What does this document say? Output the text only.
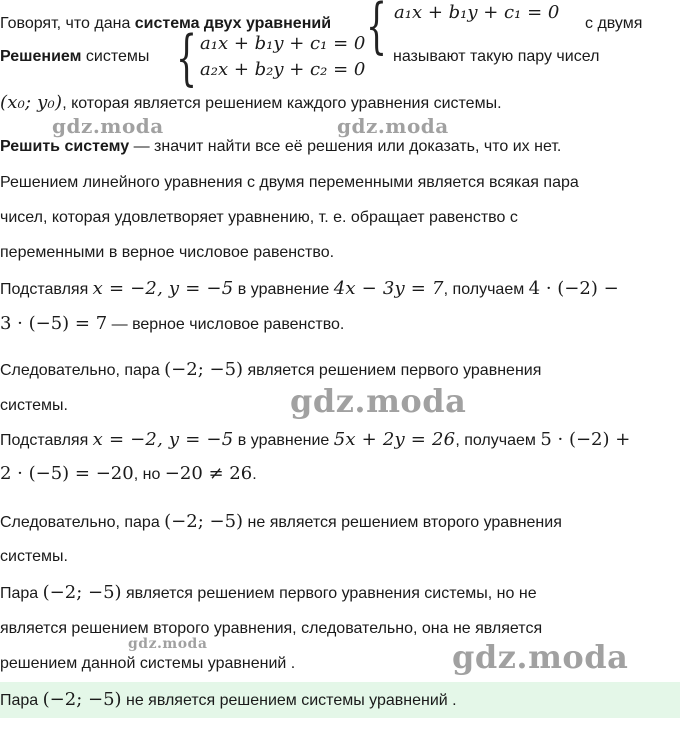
Говорят, что дана система двух уравнений { a₁x + b₁y + c₁ = 0
с двумя
Решением системы { a₁x + b₁y + c₁ = 0
a₂x + b₂y + c₂ = 0
называют такую пару чисел
(x₀; y₀), которая является решением каждого уравнения системы.
Решить систему — значит найти все её решения или доказать, что их нет.
Решением линейного уравнения с двумя переменными является всякая пара
чисел, которая удовлетворяет уравнению, т. е. обращает равенство с
переменными в верное числовое равенство.
Подставляя x = −2, y = −5 в уравнение 4x − 3y = 7, получаем 4 · (−2) −
3 · (−5) = 7 — верное числовое равенство.
Следовательно, пара (−2; −5) является решением первого уравнения
системы.
Подставляя x = −2, y = −5 в уравнение 5x + 2y = 26, получаем 5 · (−2) +
2 · (−5) = −20, но −20 ≠ 26.
Следовательно, пара (−2; −5) не является решением второго уравнения
системы.
Пара (−2; −5) является решением первого уравнения системы, но не
является решением второго уравнения, следовательно, она не является
решением данной системы уравнений .
Пара (−2; −5) не является решением системы уравнений .
gdz.moda	gdz.moda
gdz.moda
gdz.moda	gdz.moda
